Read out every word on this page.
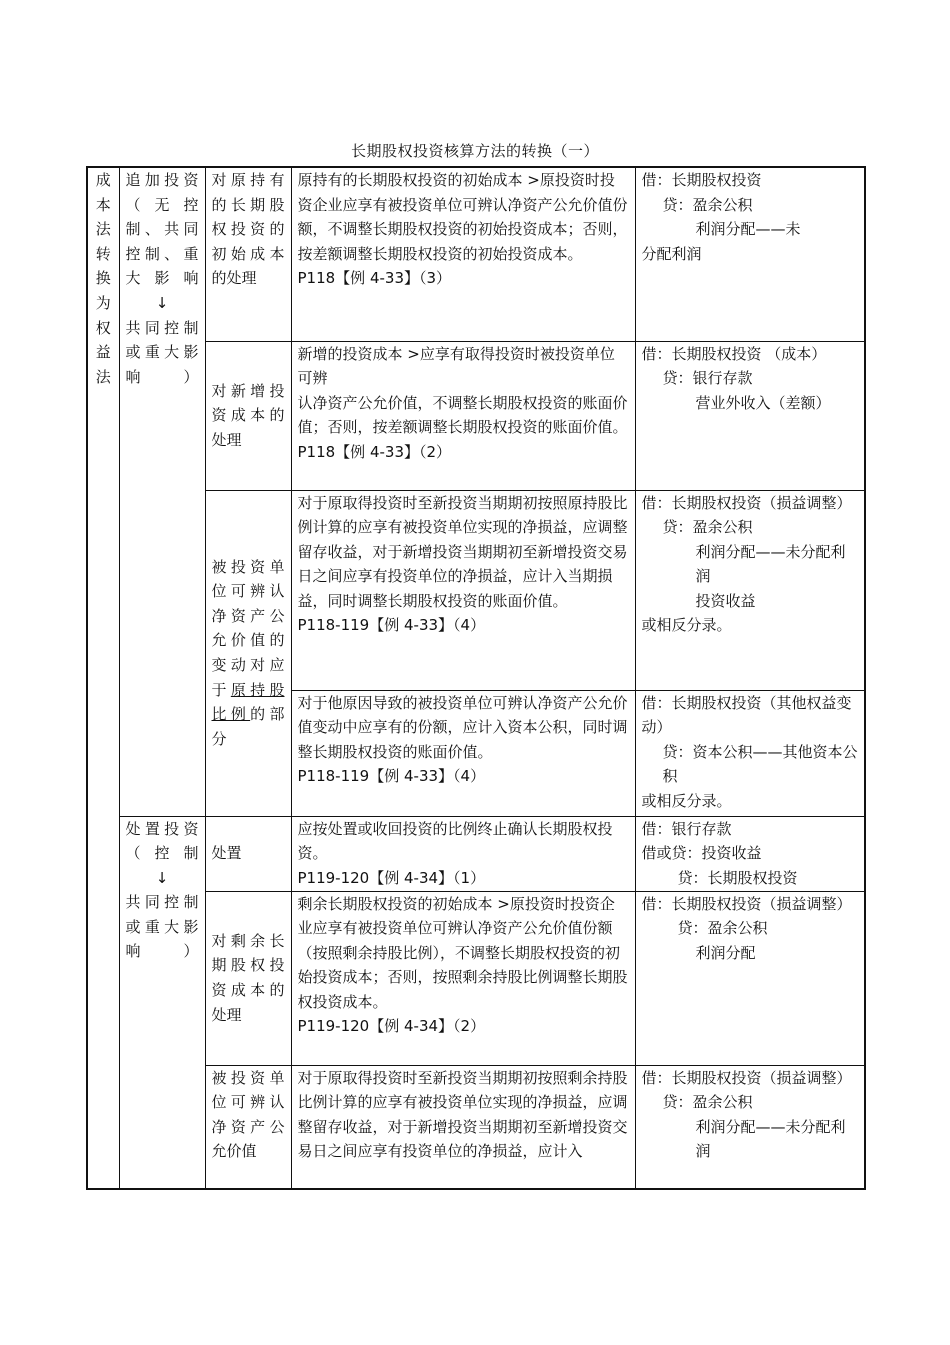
长期股权投资核算方法的转换（一）
成本法转换为权益法	追加投资（无控制、共同控制、重大影响
↓
共同控制或重大影响）	对原持有的长期股权投资的初始成本的处理	原持有的长期股权投资的初始成本 >原投资时投资企业应享有被投资单位可辨认净资产公允价值份额，不调整长期股权投资的初始投资成本；否则，按差额调整长期股权投资的初始投资成本。
P118【例 4-33】（3）	借：长期股权投资
贷：盈余公积
利润分配——未
分配利润

		对新增投资成本的处理	新增的投资成本 >应享有取得投资时被投资单位可辨
认净资产公允价值，不调整长期股权投资的账面价值；否则，按差额调整长期股权投资的账面价值。
P118【例 4-33】（2）	借：长期股权投资 （成本）
贷：银行存款
营业外收入（差额）

		被投资单位可辨认净资产公允价值的变动对应于原持股比例的部分	对于原取得投资时至新投资当期期初按照原持股比例计算的应享有被投资单位实现的净损益，应调整留存收益，对于新增投资当期期初至新增投资交易日之间应享有投资单位的净损益，应计入当期损益，同时调整长期股权投资的账面价值。
P118-119【例 4-33】（4）	借：长期股权投资（损益调整）
贷：盈余公积
利润分配——未分配利润
投资收益
或相反分录。

			对于他原因导致的被投资单位可辨认净资产公允价值变动中应享有的份额，应计入资本公积，同时调整长期股权投资的账面价值。
P118-119【例 4-33】（4）	借：长期股权投资（其他权益变动）
贷：资本公积——其他资本公积
或相反分录。

	处置投资（控制
↓
共同控制或重大影响）	处置	应按处置或收回投资的比例终止确认长期股权投资。
P119-120【例 4-34】（1）	借：银行存款
借或贷：投资收益
贷：长期股权投资

		对剩余长期股权投资成本的处理	剩余长期股权投资的初始成本 >原投资时投资企业应享有被投资单位可辨认净资产公允价值份额（按照剩余持股比例），不调整长期股权投资的初始投资成本；否则，按照剩余持股比例调整长期股权投资成本。
P119-120【例 4-34】（2）	借：长期股权投资（损益调整）
贷：盈余公积
利润分配

		被投资单位可辨认净资产公允价值	对于原取得投资时至新投资当期期初按照剩余持股比例计算的应享有被投资单位实现的净损益，应调整留存收益，对于新增投资当期期初至新增投资交易日之间应享有投资单位的净损益，应计入	借：长期股权投资（损益调整）
贷：盈余公积
利润分配——未分配利润
